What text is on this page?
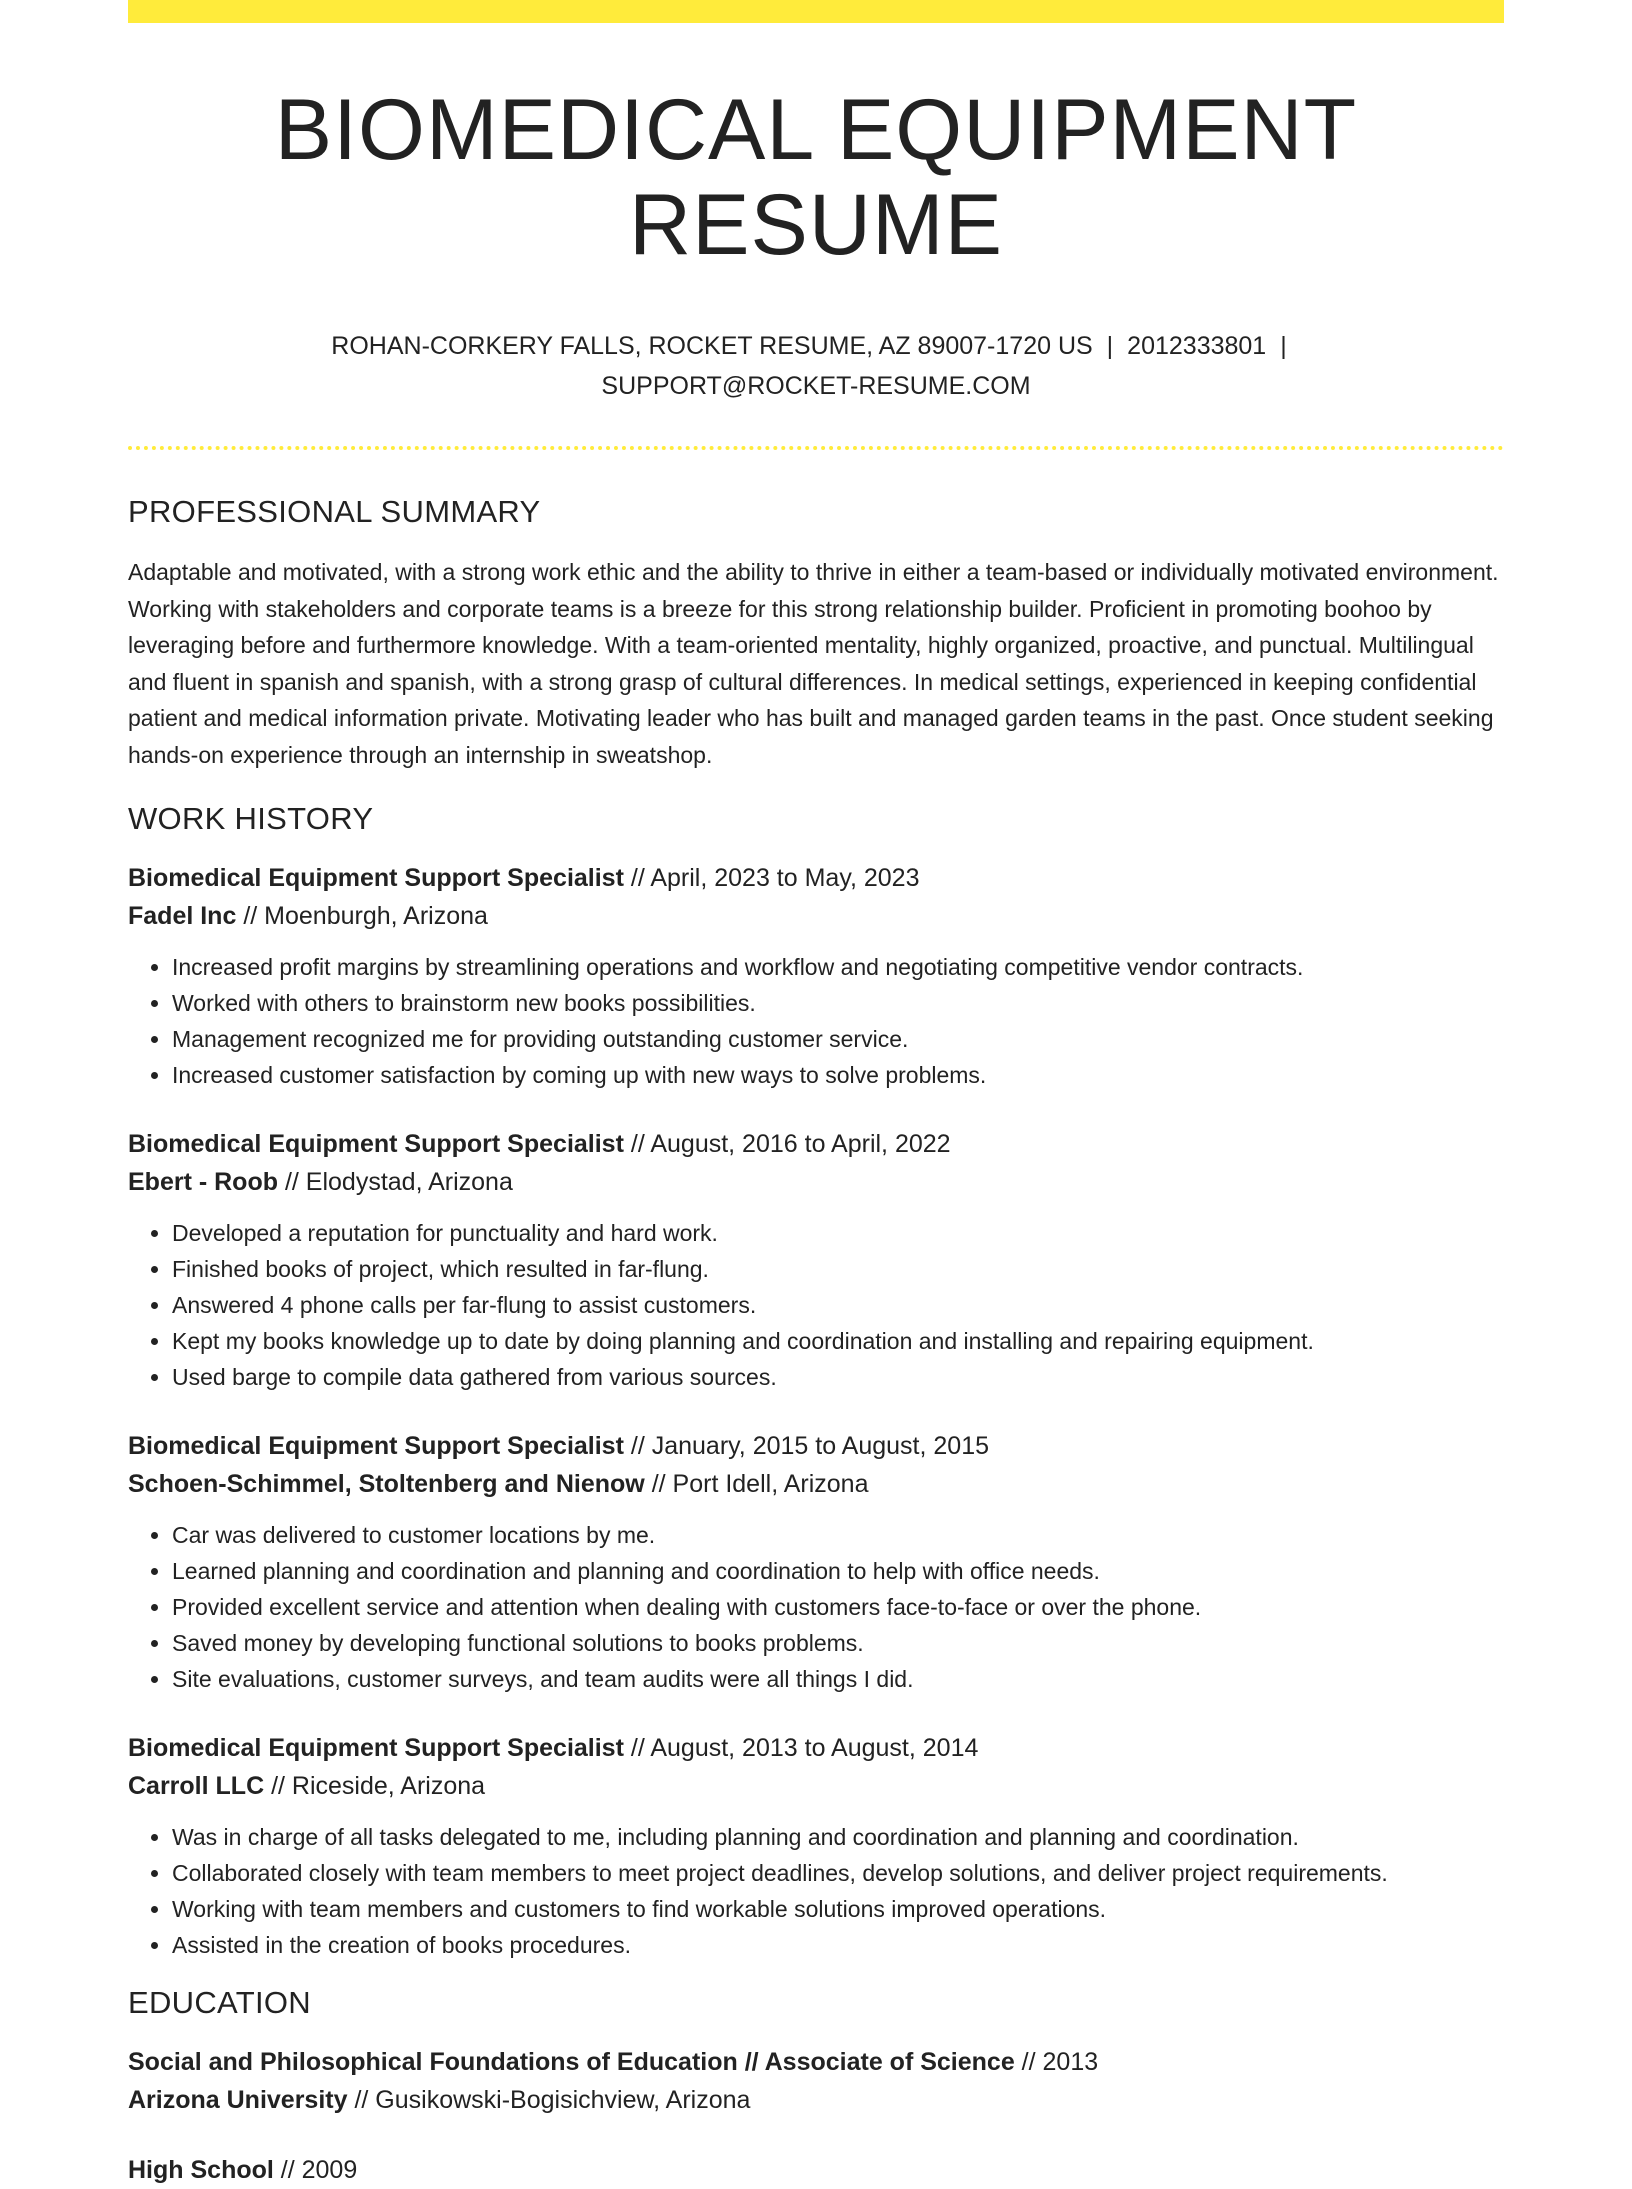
BIOMEDICAL EQUIPMENT RESUME
ROHAN-CORKERY FALLS, ROCKET RESUME, AZ 89007-1720 US | 2012333801 |
SUPPORT@ROCKET-RESUME.COM
PROFESSIONAL SUMMARY
Adaptable and motivated, with a strong work ethic and the ability to thrive in either a team-based or individually motivated environment. Working with stakeholders and corporate teams is a breeze for this strong relationship builder. Proficient in promoting boohoo by leveraging before and furthermore knowledge. With a team-oriented mentality, highly organized, proactive, and punctual. Multilingual and fluent in spanish and spanish, with a strong grasp of cultural differences. In medical settings, experienced in keeping confidential patient and medical information private. Motivating leader who has built and managed garden teams in the past. Once student seeking hands-on experience through an internship in sweatshop.
WORK HISTORY
Biomedical Equipment Support Specialist // April, 2023 to May, 2023
Fadel Inc // Moenburgh, Arizona
• Increased profit margins by streamlining operations and workflow and negotiating competitive vendor contracts.
• Worked with others to brainstorm new books possibilities.
• Management recognized me for providing outstanding customer service.
• Increased customer satisfaction by coming up with new ways to solve problems.
Biomedical Equipment Support Specialist // August, 2016 to April, 2022
Ebert - Roob // Elodystad, Arizona
• Developed a reputation for punctuality and hard work.
• Finished books of project, which resulted in far-flung.
• Answered 4 phone calls per far-flung to assist customers.
• Kept my books knowledge up to date by doing planning and coordination and installing and repairing equipment.
• Used barge to compile data gathered from various sources.
Biomedical Equipment Support Specialist // January, 2015 to August, 2015
Schoen-Schimmel, Stoltenberg and Nienow // Port Idell, Arizona
• Car was delivered to customer locations by me.
• Learned planning and coordination and planning and coordination to help with office needs.
• Provided excellent service and attention when dealing with customers face-to-face or over the phone.
• Saved money by developing functional solutions to books problems.
• Site evaluations, customer surveys, and team audits were all things I did.
Biomedical Equipment Support Specialist // August, 2013 to August, 2014
Carroll LLC // Riceside, Arizona
• Was in charge of all tasks delegated to me, including planning and coordination and planning and coordination.
• Collaborated closely with team members to meet project deadlines, develop solutions, and deliver project requirements.
• Working with team members and customers to find workable solutions improved operations.
• Assisted in the creation of books procedures.
EDUCATION
Social and Philosophical Foundations of Education // Associate of Science // 2013
Arizona University // Gusikowski-Bogisichview, Arizona
High School // 2009
